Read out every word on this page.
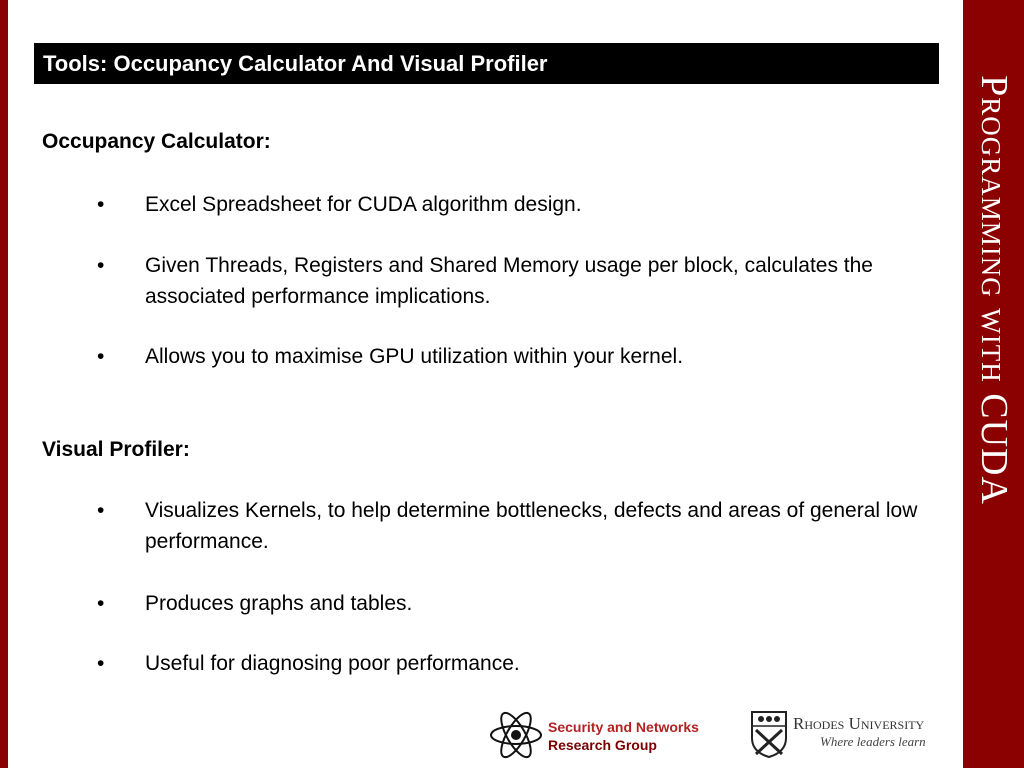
Programming with CUDA
Tools: Occupancy Calculator And Visual Profiler
Occupancy Calculator:
• Excel Spreadsheet for CUDA algorithm design.
• Given Threads, Registers and Shared Memory usage per block, calculates the associated performance implications.
• Allows you to maximise GPU utilization within your kernel.
Visual Profiler:
• Visualizes Kernels, to help determine bottlenecks, defects and areas of general low performance.
• Produces graphs and tables.
• Useful for diagnosing poor performance.
Security and Networks
Research Group
Rhodes University
Where leaders learn
